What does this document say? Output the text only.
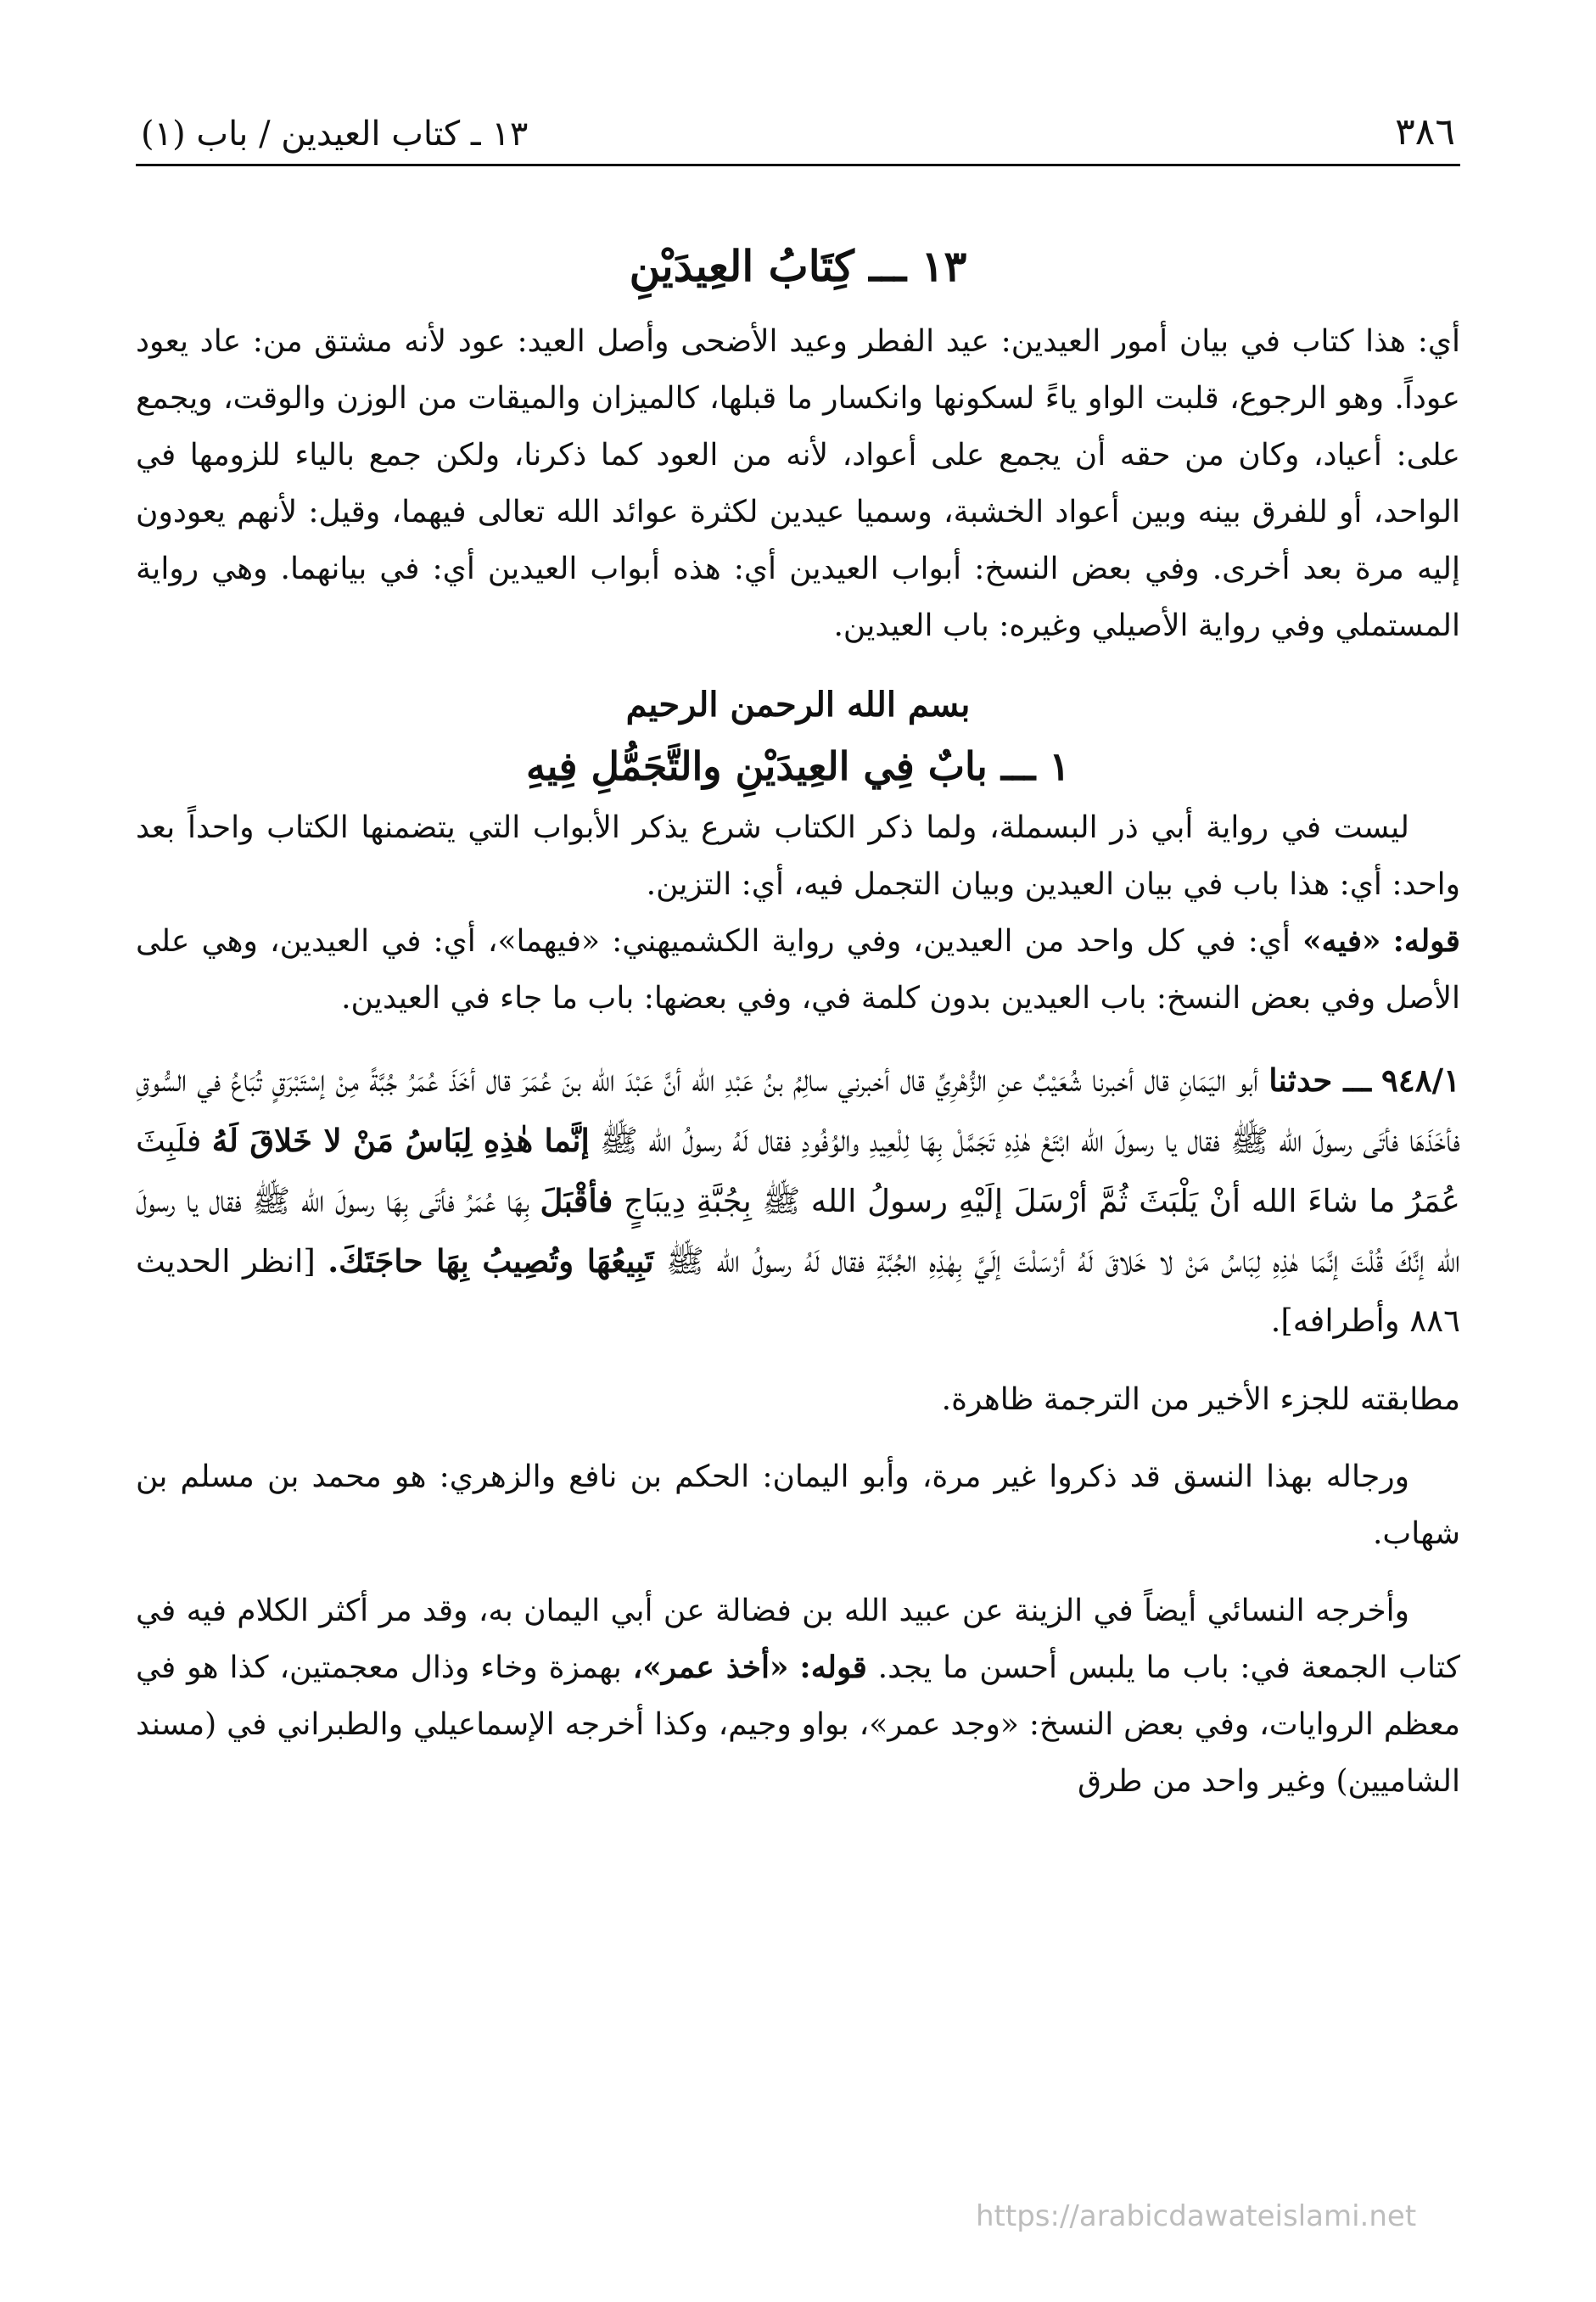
٣٨٦
١٣ ـ كتاب العيدين / باب (١)
١٣ ـــ كِتَابُ العِيدَيْنِ

أي: هذا كتاب في بيان أمور العيدين: عيد الفطر وعيد الأضحى وأصل العيد: عود لأنه مشتق من: عاد يعود عوداً. وهو الرجوع، قلبت الواو ياءً لسكونها وانكسار ما قبلها، كالميزان والميقات من الوزن والوقت، ويجمع على: أعياد، وكان من حقه أن يجمع على أعواد، لأنه من العود كما ذكرنا، ولكن جمع بالياء للزومها في الواحد، أو للفرق بينه وبين أعواد الخشبة، وسميا عيدين لكثرة عوائد الله تعالى فيهما، وقيل: لأنهم يعودون إليه مرة بعد أخرى. وفي بعض النسخ: أبواب العيدين أي: هذه أبواب العيدين أي: في بيانهما. وهي رواية المستملي وفي رواية الأصيلي وغيره: باب العيدين.

بسم الله الرحمن الرحيم
١ ـــ بابٌ فِي العِيدَيْنِ والتَّجَمُّلِ فِيهِ

ليست في رواية أبي ذر البسملة، ولما ذكر الكتاب شرع يذكر الأبواب التي يتضمنها الكتاب واحداً بعد واحد: أي: هذا باب في بيان العيدين وبيان التجمل فيه، أي: التزين.

قوله: «فيه» أي: في كل واحد من العيدين، وفي رواية الكشميهني: «فيهما»، أي: في العيدين، وهي على الأصل وفي بعض النسخ: باب العيدين بدون كلمة في، وفي بعضها: باب ما جاء في العيدين.

٩٤٨/١ ـــ حدثنا أبو اليَمَانِ قال أخبرنا شُعَيْبٌ عنِ الزُّهْرِيِّ قال أخبرني سالِمُ بنُ عَبْدِ الله أنَّ عَبْدَ الله بنَ عُمَرَ قال أخَذَ عُمَرُ جُبَّةً مِنْ إسْتَبْرَقٍ تُبَاعُ في السُّوقِ فأخَذَهَا فأتَى رسولَ الله ﷺ فقال يا رسولَ الله ابْتَعْ هٰذِهِ تَجَمَّلْ بِهَا لِلْعِيدِ والوُفُودِ فقال لَهُ رسولُ الله ﷺ إنَّما هٰذِهِ لِبَاسُ مَنْ لا خَلاقَ لَهُ فلَبِثَ عُمَرُ ما شاءَ الله أنْ يَلْبَثَ ثُمَّ أرْسَلَ إلَيْهِ رسولُ الله ﷺ بِجُبَّةِ دِيبَاجٍ فأقْبَلَ بِهَا عُمَرُ فأتَى بِهَا رسولَ الله ﷺ فقال يا رسولَ الله إنَّكَ قُلْتَ إنَّمَا هٰذِهِ لِبَاسُ مَنْ لا خَلاقَ لَهُ أرْسَلْتَ إلَيَّ بِهٰذِهِ الجُبَّةِ فقال لَهُ رسولُ الله ﷺ تَبِيعُهَا وتُصِيبُ بِهَا حاجَتَكَ. [انظر الحديث ٨٨٦ وأطرافه].

مطابقته للجزء الأخير من الترجمة ظاهرة.

ورجاله بهذا النسق قد ذكروا غير مرة، وأبو اليمان: الحكم بن نافع والزهري: هو محمد بن مسلم بن شهاب.

وأخرجه النسائي أيضاً في الزينة عن عبيد الله بن فضالة عن أبي اليمان به، وقد مر أكثر الكلام فيه في كتاب الجمعة في: باب ما يلبس أحسن ما يجد. قوله: «أخذ عمر»، بهمزة وخاء وذال معجمتين، كذا هو في معظم الروايات، وفي بعض النسخ: «وجد عمر»، بواو وجيم، وكذا أخرجه الإسماعيلي والطبراني في (مسند الشاميين) وغير واحد من طرق

https://arabicdawateislami.net
